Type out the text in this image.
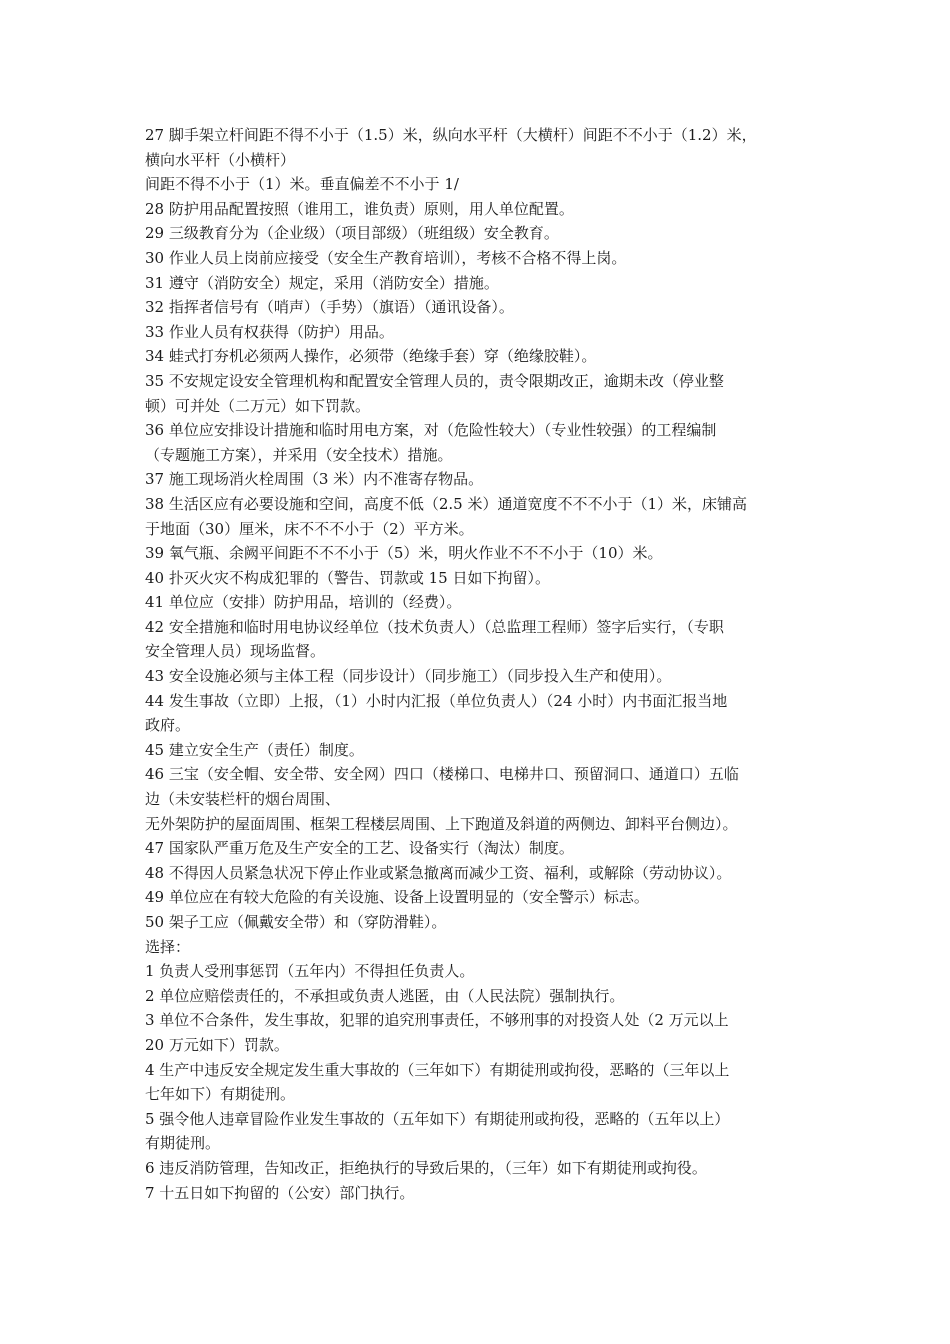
27 脚手架立杆间距不得不小于（1.5）米，纵向水平杆（大横杆）间距不不小于（1.2）米，
横向水平杆（小横杆）
间距不得不小于（1）米。垂直偏差不不小于 1/
28 防护用品配置按照（谁用工，谁负责）原则，用人单位配置。
29 三级教育分为（企业级）（项目部级）（班组级）安全教育。
30 作业人员上岗前应接受（安全生产教育培训），考核不合格不得上岗。
31 遵守（消防安全）规定，采用（消防安全）措施。
32 指挥者信号有（哨声）（手势）（旗语）（通讯设备）。
33 作业人员有权获得（防护）用品。
34 蛙式打夯机必须两人操作，必须带（绝缘手套）穿（绝缘胶鞋）。
35 不安规定设安全管理机构和配置安全管理人员的，责令限期改正，逾期未改（停业整
顿）可并处（二万元）如下罚款。
36 单位应安排设计措施和临时用电方案，对（危险性较大）（专业性较强）的工程编制
（专题施工方案），并采用（安全技术）措施。
37 施工现场消火栓周围（3 米）内不准寄存物品。
38 生活区应有必要设施和空间，高度不低（2.5 米）通道宽度不不不小于（1）米，床铺高
于地面（30）厘米，床不不不小于（2）平方米。
39 氧气瓶、余阙平间距不不不小于（5）米，明火作业不不不小于（10）米。
40 扑灭火灾不构成犯罪的（警告、罚款或 15 日如下拘留）。
41 单位应（安排）防护用品，培训的（经费）。
42 安全措施和临时用电协议经单位（技术负责人）（总监理工程师）签字后实行，（专职
安全管理人员）现场监督。
43 安全设施必须与主体工程（同步设计）（同步施工）（同步投入生产和使用）。
44 发生事故（立即）上报，（1）小时内汇报（单位负责人）（24 小时）内书面汇报当地
政府。
45 建立安全生产（责任）制度。
46 三宝（安全帽、安全带、安全网）四口（楼梯口、电梯井口、预留洞口、通道口）五临
边（未安装栏杆的烟台周围、
无外架防护的屋面周围、框架工程楼层周围、上下跑道及斜道的两侧边、卸料平台侧边）。
47 国家队严重万危及生产安全的工艺、设备实行（淘汰）制度。
48 不得因人员紧急状况下停止作业或紧急撤离而减少工资、福利，或解除（劳动协议）。
49 单位应在有较大危险的有关设施、设备上设置明显的（安全警示）标志。
50 架子工应（佩戴安全带）和（穿防滑鞋）。
选择：
1 负责人受刑事惩罚（五年内）不得担任负责人。
2 单位应赔偿责任的，不承担或负责人逃匿，由（人民法院）强制执行。
3 单位不合条件，发生事故，犯罪的追究刑事责任，不够刑事的对投资人处（2 万元以上
20 万元如下）罚款。
4 生产中违反安全规定发生重大事故的（三年如下）有期徒刑或拘役，恶略的（三年以上
七年如下）有期徒刑。
5 强令他人违章冒险作业发生事故的（五年如下）有期徒刑或拘役，恶略的（五年以上）
有期徒刑。
6 违反消防管理，告知改正，拒绝执行的导致后果的，（三年）如下有期徒刑或拘役。
7 十五日如下拘留的（公安）部门执行。
